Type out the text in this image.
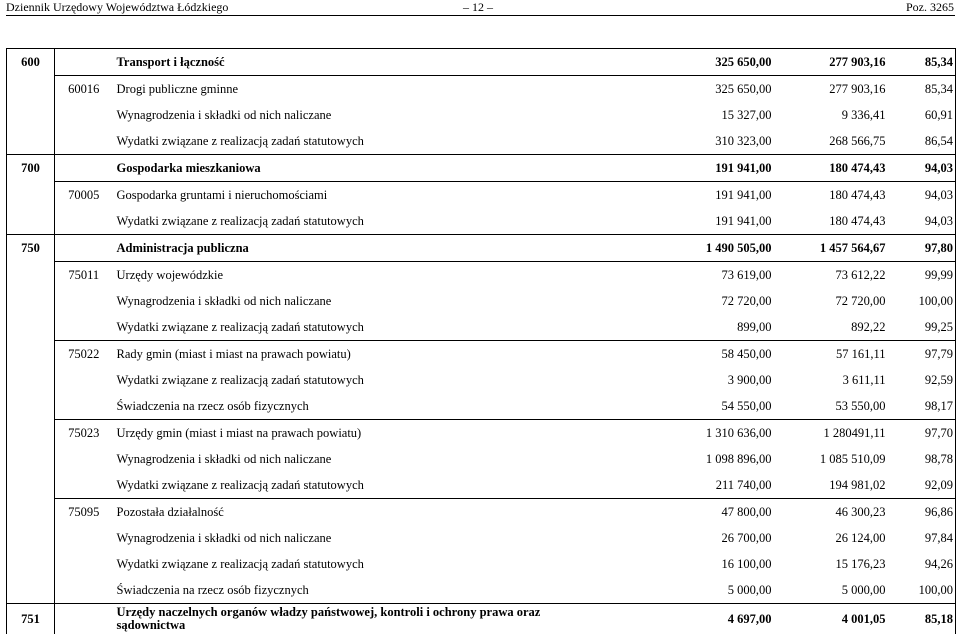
Dziennik Urzędowy Województwa Łódzkiego	– 12 –	Poz. 3265
600		Transport i łączność	325 650,00	277 903,16	85,34
	60016	Drogi publiczne gminne	325 650,00	277 903,16	85,34
		Wynagrodzenia i składki od nich naliczane	15 327,00	9 336,41	60,91
		Wydatki związane z realizacją zadań statutowych	310 323,00	268 566,75	86,54
700		Gospodarka mieszkaniowa	191 941,00	180 474,43	94,03
	70005	Gospodarka gruntami i nieruchomościami	191 941,00	180 474,43	94,03
		Wydatki związane z realizacją zadań statutowych	191 941,00	180 474,43	94,03
750		Administracja publiczna	1 490 505,00	1 457 564,67	97,80
	75011	Urzędy wojewódzkie	73 619,00	73 612,22	99,99
		Wynagrodzenia i składki od nich naliczane	72 720,00	72 720,00	100,00
		Wydatki związane z realizacją zadań statutowych	899,00	892,22	99,25
	75022	Rady gmin (miast i miast na prawach powiatu)	58 450,00	57 161,11	97,79
		Wydatki związane z realizacją zadań statutowych	3 900,00	3 611,11	92,59
		Świadczenia na rzecz osób fizycznych	54 550,00	53 550,00	98,17
	75023	Urzędy gmin (miast i miast na prawach powiatu)	1 310 636,00	1 280491,11	97,70
		Wynagrodzenia i składki od nich naliczane	1 098 896,00	1 085 510,09	98,78
		Wydatki związane z realizacją zadań statutowych	211 740,00	194 981,02	92,09
	75095	Pozostała działalność	47 800,00	46 300,23	96,86
		Wynagrodzenia i składki od nich naliczane	26 700,00	26 124,00	97,84
		Wydatki związane z realizacją zadań statutowych	16 100,00	15 176,23	94,26
		Świadczenia na rzecz osób fizycznych	5 000,00	5 000,00	100,00
751		Urzędy naczelnych organów władzy państwowej, kontroli i ochrony prawa oraz sądownictwa	4 697,00	4 001,05	85,18
